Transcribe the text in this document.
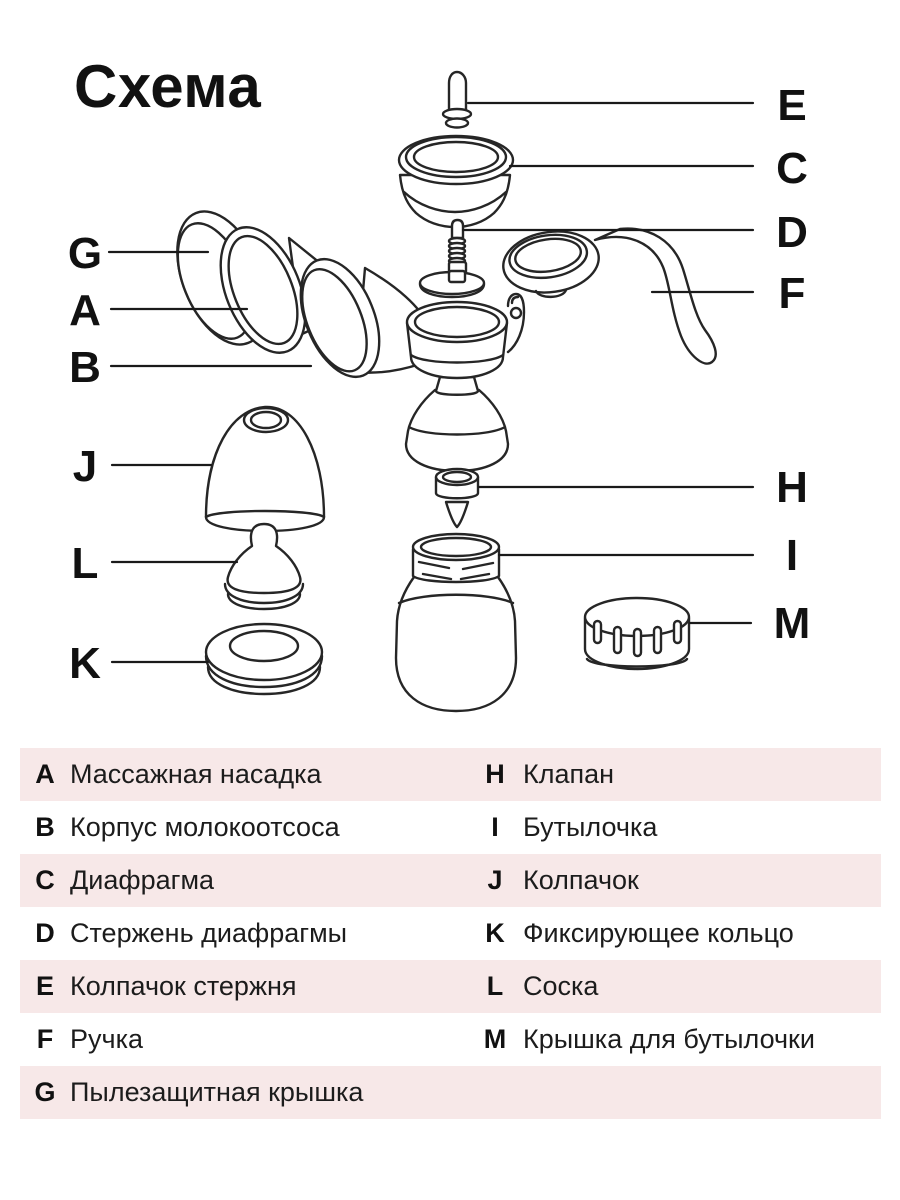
Схема	E
C
D
F
H
I
M
G
A
B
J
L
K
A Массажная насадка	H Клапан
B Корпус молокоотсоса	I Бутылочка
C Диафрагма	J Колпачок
D Стержень диафрагмы	K Фиксирующее кольцо
E Колпачок стержня	L Соска
F Ручка	M Крышка для бутылочки
G Пылезащитная крышка
